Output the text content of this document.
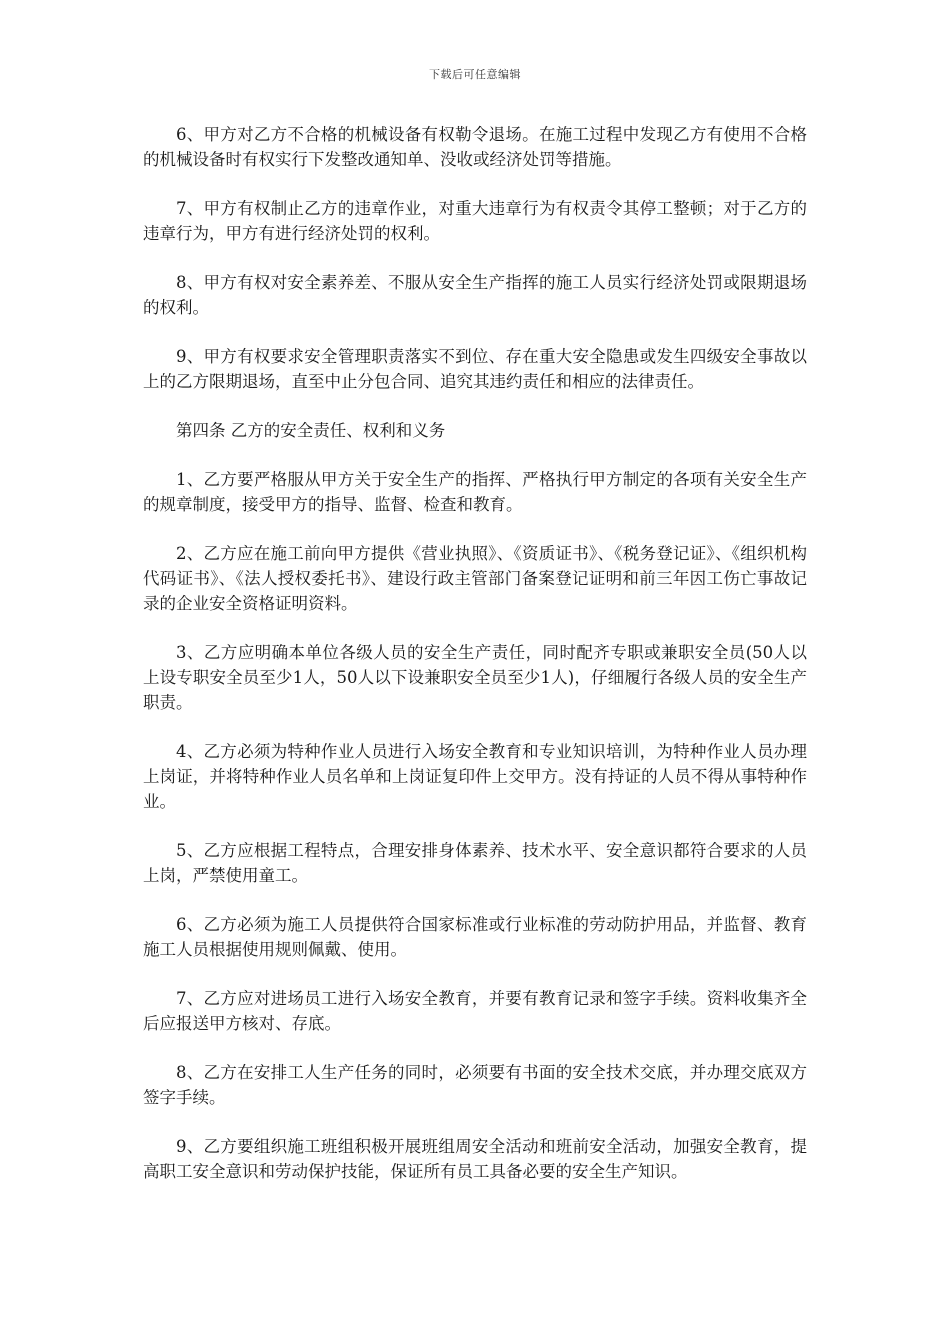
下载后可任意编辑

6、甲方对乙方不合格的机械设备有权勒令退场。在施工过程中发现乙方有使用不合格的机械设备时有权实行下发整改通知单、没收或经济处罚等措施。

7、甲方有权制止乙方的违章作业，对重大违章行为有权责令其停工整顿；对于乙方的违章行为，甲方有进行经济处罚的权利。

8、甲方有权对安全素养差、不服从安全生产指挥的施工人员实行经济处罚或限期退场的权利。

9、甲方有权要求安全管理职责落实不到位、存在重大安全隐患或发生四级安全事故以上的乙方限期退场，直至中止分包合同、追究其违约责任和相应的法律责任。

第四条 乙方的安全责任、权利和义务

1、乙方要严格服从甲方关于安全生产的指挥、严格执行甲方制定的各项有关安全生产的规章制度，接受甲方的指导、监督、检查和教育。

2、乙方应在施工前向甲方提供《营业执照》、《资质证书》、《税务登记证》、《组织机构代码证书》、《法人授权委托书》、建设行政主管部门备案登记证明和前三年因工伤亡事故记录的企业安全资格证明资料。

3、乙方应明确本单位各级人员的安全生产责任，同时配齐专职或兼职安全员(50人以上设专职安全员至少1人，50人以下设兼职安全员至少1人)，仔细履行各级人员的安全生产职责。

4、乙方必须为特种作业人员进行入场安全教育和专业知识培训，为特种作业人员办理上岗证，并将特种作业人员名单和上岗证复印件上交甲方。没有持证的人员不得从事特种作业。

5、乙方应根据工程特点，合理安排身体素养、技术水平、安全意识都符合要求的人员上岗，严禁使用童工。

6、乙方必须为施工人员提供符合国家标准或行业标准的劳动防护用品，并监督、教育施工人员根据使用规则佩戴、使用。

7、乙方应对进场员工进行入场安全教育，并要有教育记录和签字手续。资料收集齐全后应报送甲方核对、存底。

8、乙方在安排工人生产任务的同时，必须要有书面的安全技术交底，并办理交底双方签字手续。

9、乙方要组织施工班组积极开展班组周安全活动和班前安全活动，加强安全教育，提高职工安全意识和劳动保护技能，保证所有员工具备必要的安全生产知识。
